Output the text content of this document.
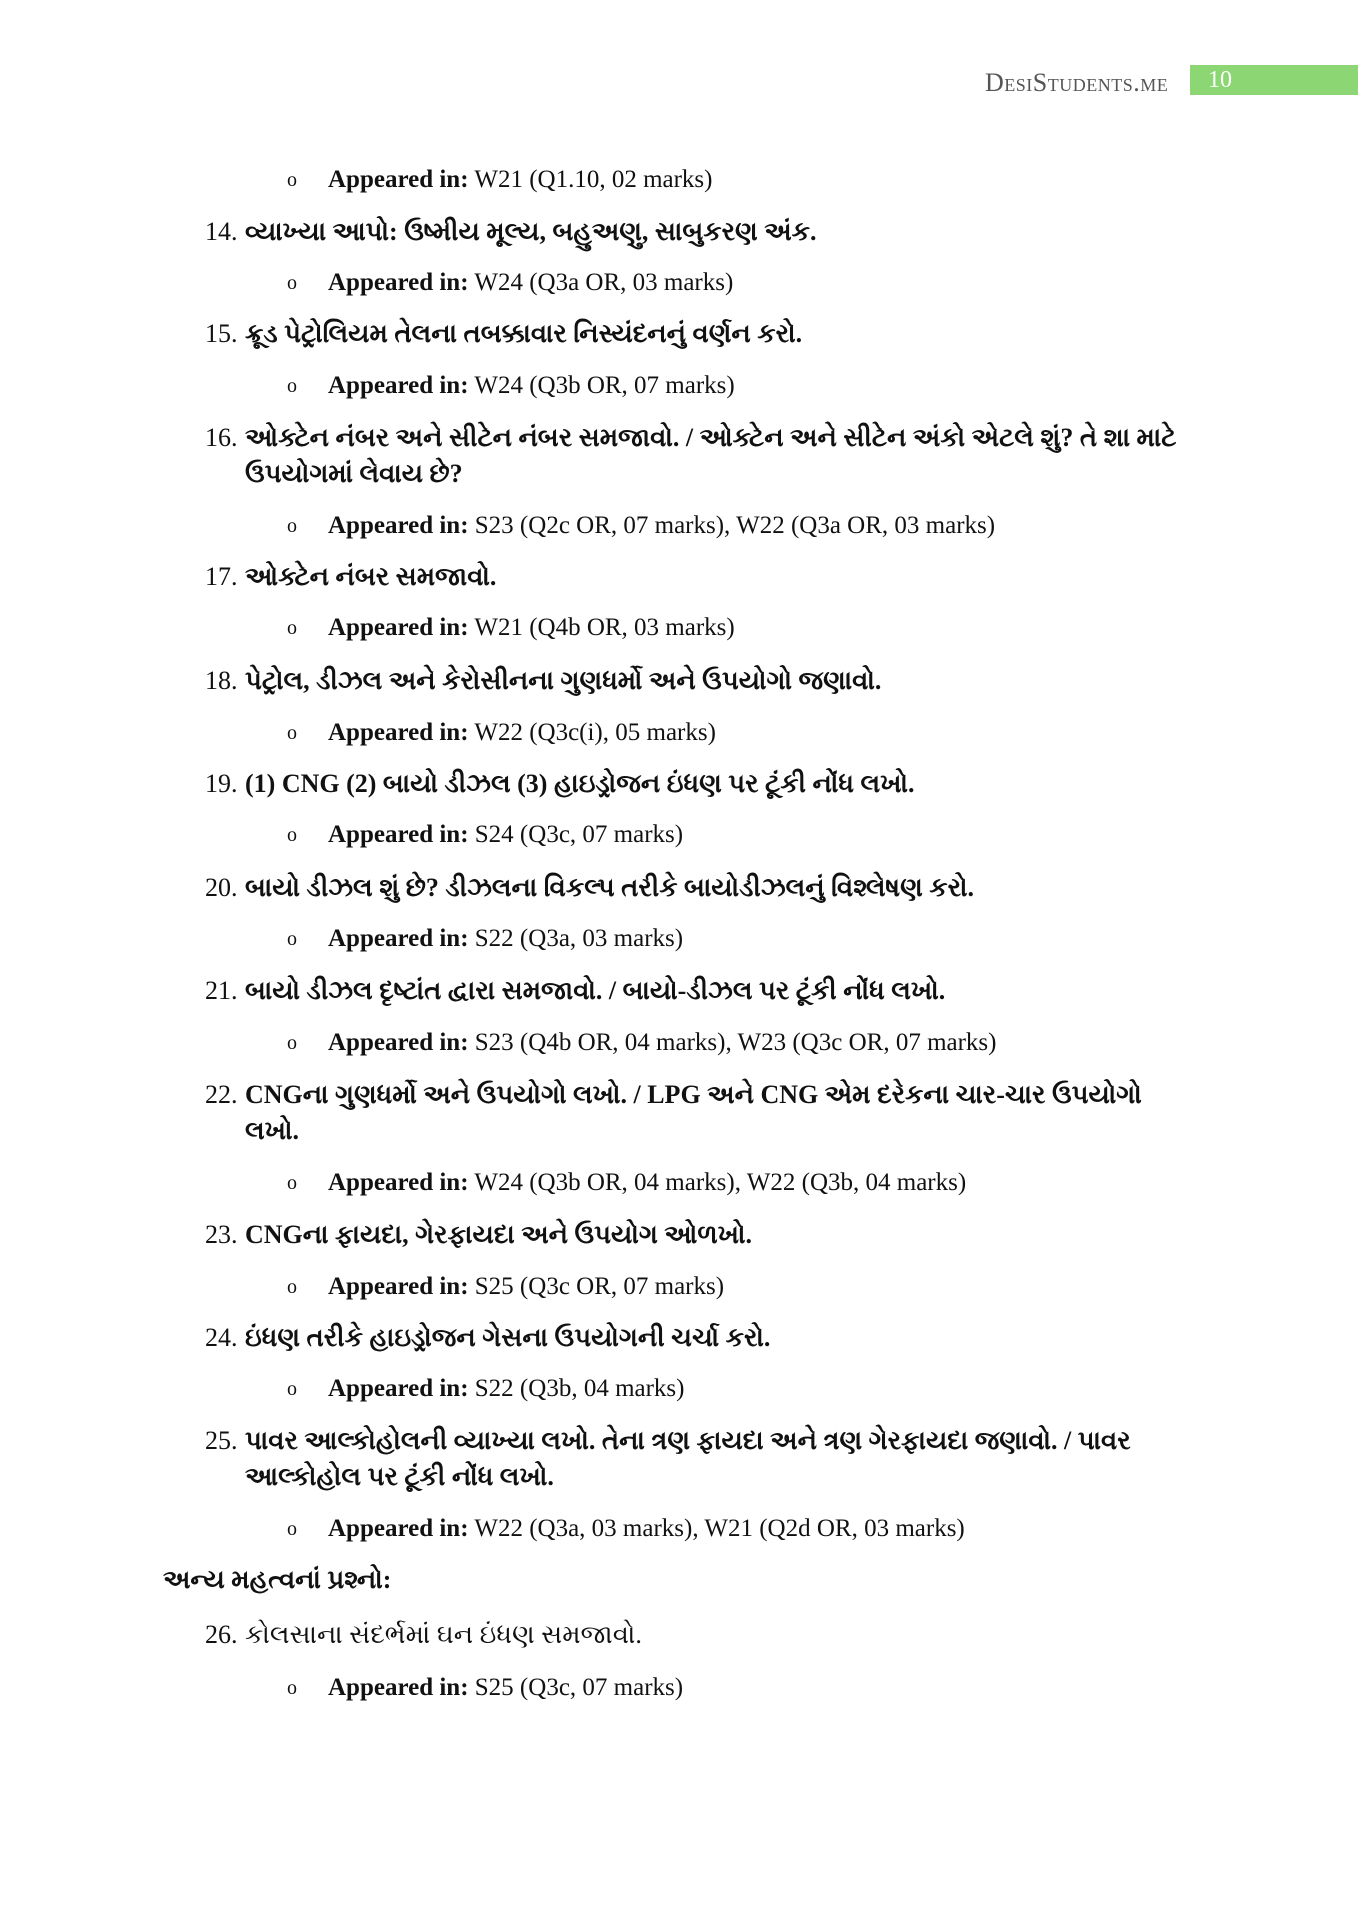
DesiStudents.me	10
o Appeared in: W21 (Q1.10, 02 marks)
14. વ્યાખ્યા આપો: ઉષ્મીય મૂલ્ય, બહુઅણુ, સાબુકરણ અંક.
o Appeared in: W24 (Q3a OR, 03 marks)
15. ક્રૂડ પેટ્રોલિયમ તેલના તબક્કાવાર નિસ્યંદનનું વર્ણન કરો.
o Appeared in: W24 (Q3b OR, 07 marks)
16. ઓક્ટેન નંબર અને સીટેન નંબર સમજાવો. / ઓક્ટેન અને સીટેન અંકો એટલે શું? તે શા માટે ઉપયોગમાં લેવાય છે?
o Appeared in: S23 (Q2c OR, 07 marks), W22 (Q3a OR, 03 marks)
17. ઓક્ટેન નંબર સમજાવો.
o Appeared in: W21 (Q4b OR, 03 marks)
18. પેટ્રોલ, ડીઝલ અને કેરોસીનના ગુણધર્મો અને ઉપયોગો જણાવો.
o Appeared in: W22 (Q3c(i), 05 marks)
19. (1) CNG (2) બાયો ડીઝલ (3) હાઇડ્રોજન ઇંધણ પર ટૂંકી નોંધ લખો.
o Appeared in: S24 (Q3c, 07 marks)
20. બાયો ડીઝલ શું છે? ડીઝલના વિકલ્પ તરીકે બાયોડીઝલનું વિશ્લેષણ કરો.
o Appeared in: S22 (Q3a, 03 marks)
21. બાયો ડીઝલ દૃષ્ટાંત દ્વારા સમજાવો. / બાયો-ડીઝલ પર ટૂંકી નોંધ લખો.
o Appeared in: S23 (Q4b OR, 04 marks), W23 (Q3c OR, 07 marks)
22. CNGના ગુણધર્મો અને ઉપયોગો લખો. / LPG અને CNG એમ દરેકના ચાર-ચાર ઉપયોગો લખો.
o Appeared in: W24 (Q3b OR, 04 marks), W22 (Q3b, 04 marks)
23. CNGના ફાયદા, ગેરફાયદા અને ઉપયોગ ઓળખો.
o Appeared in: S25 (Q3c OR, 07 marks)
24. ઇંધણ તરીકે હાઇડ્રોજન ગેસના ઉપયોગની ચર્ચા કરો.
o Appeared in: S22 (Q3b, 04 marks)
25. પાવર આલ્કોહોલની વ્યાખ્યા લખો. તેના ત્રણ ફાયદા અને ત્રણ ગેરફાયદા જણાવો. / પાવર આલ્કોહોલ પર ટૂંકી નોંધ લખો.
o Appeared in: W22 (Q3a, 03 marks), W21 (Q2d OR, 03 marks)
અન્ય મહત્વનાં પ્રશ્નો:
26. કોલસાના સંદર્ભમાં ઘન ઇંધણ સમજાવો.
o Appeared in: S25 (Q3c, 07 marks)
